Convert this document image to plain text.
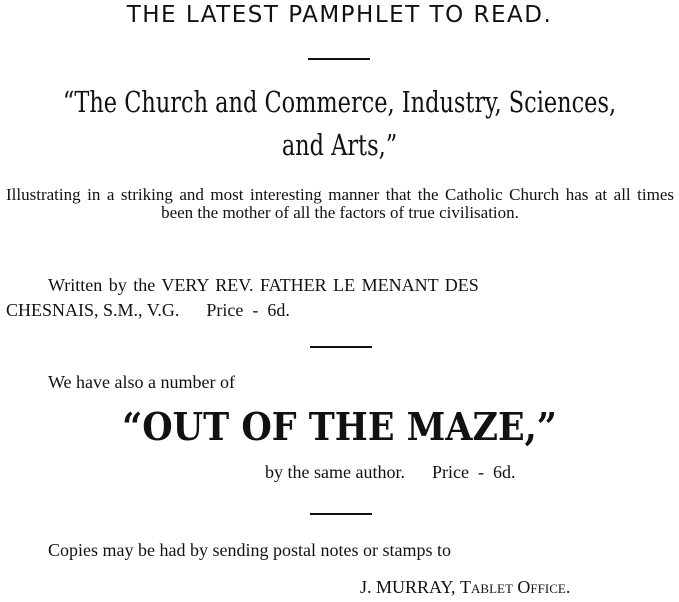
THE LATEST PAMPHLET TO READ.
“The Church and Commerce, Industry, Sciences,
and Arts,”
Illustrating in a striking and most interesting manner that the Catholic Church has at all times been the mother of all the factors of true civilisation.
Written by the VERY REV. FATHER LE MENANT DES
CHESNAIS, S.M., V.G.      Price  -  6d.
We have also a number of
“OUT OF THE MAZE,”
by the same author.      Price  -  6d.
Copies may be had by sending postal notes or stamps to
J. MURRAY, Tablet Office.
